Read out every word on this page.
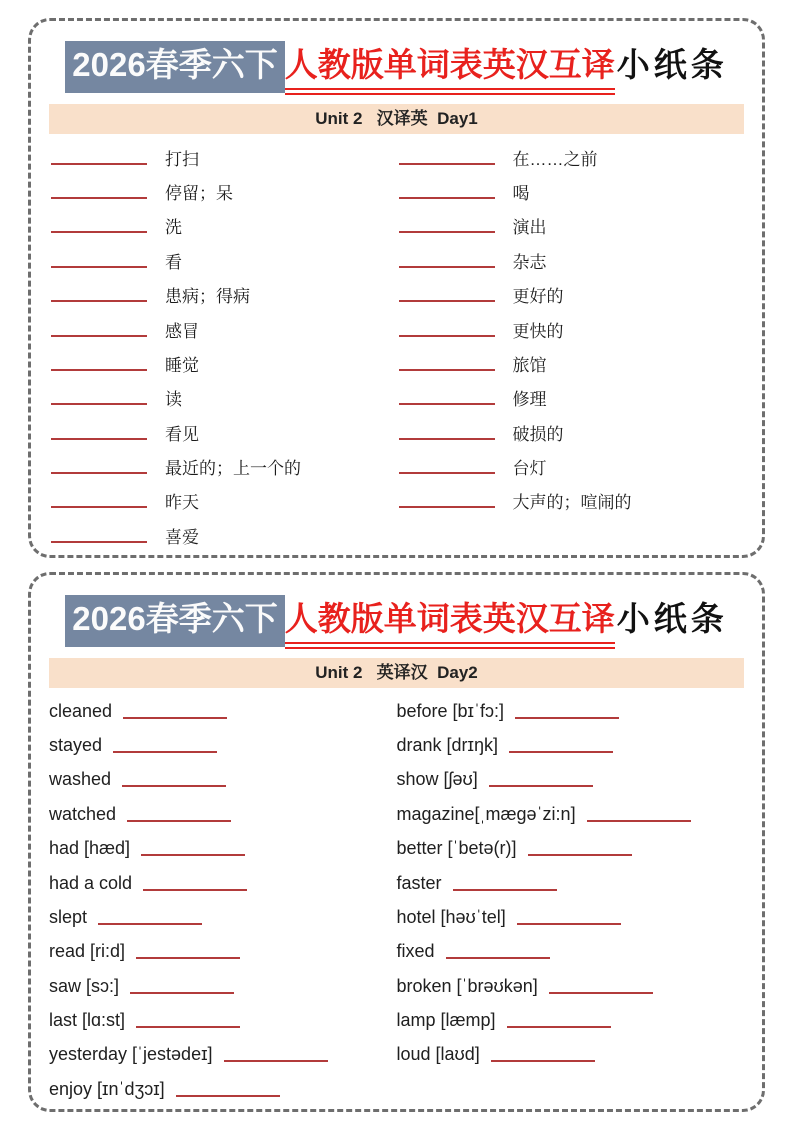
2026春季六下 人教版单词表英汉互译小纸条
Unit 2   汉译英  Day1
打扫
停留；呆
洗
看
患病；得病
感冒
睡觉
读
看见
最近的；上一个的
昨天
喜爱
在……之前
喝
演出
杂志
更好的
更快的
旅馆
修理
破损的
台灯
大声的；喧闹的
2026春季六下 人教版单词表英汉互译小纸条
Unit 2   英译汉  Day2
cleaned
stayed
washed
watched
had [hæd]
had a cold
slept
read [ri:d]
saw [sɔ:]
last [lɑ:st]
yesterday [ˈjestədeɪ]
enjoy [ɪnˈdʒɔɪ]
before [bɪˈfɔ:]
drank [drɪŋk]
show [ʃəʊ]
magazine[ˌmægəˈzi:n]
better [ˈbetə(r)]
faster
hotel [həʊˈtel]
fixed
broken [ˈbrəʊkən]
lamp [læmp]
loud [laʊd]
